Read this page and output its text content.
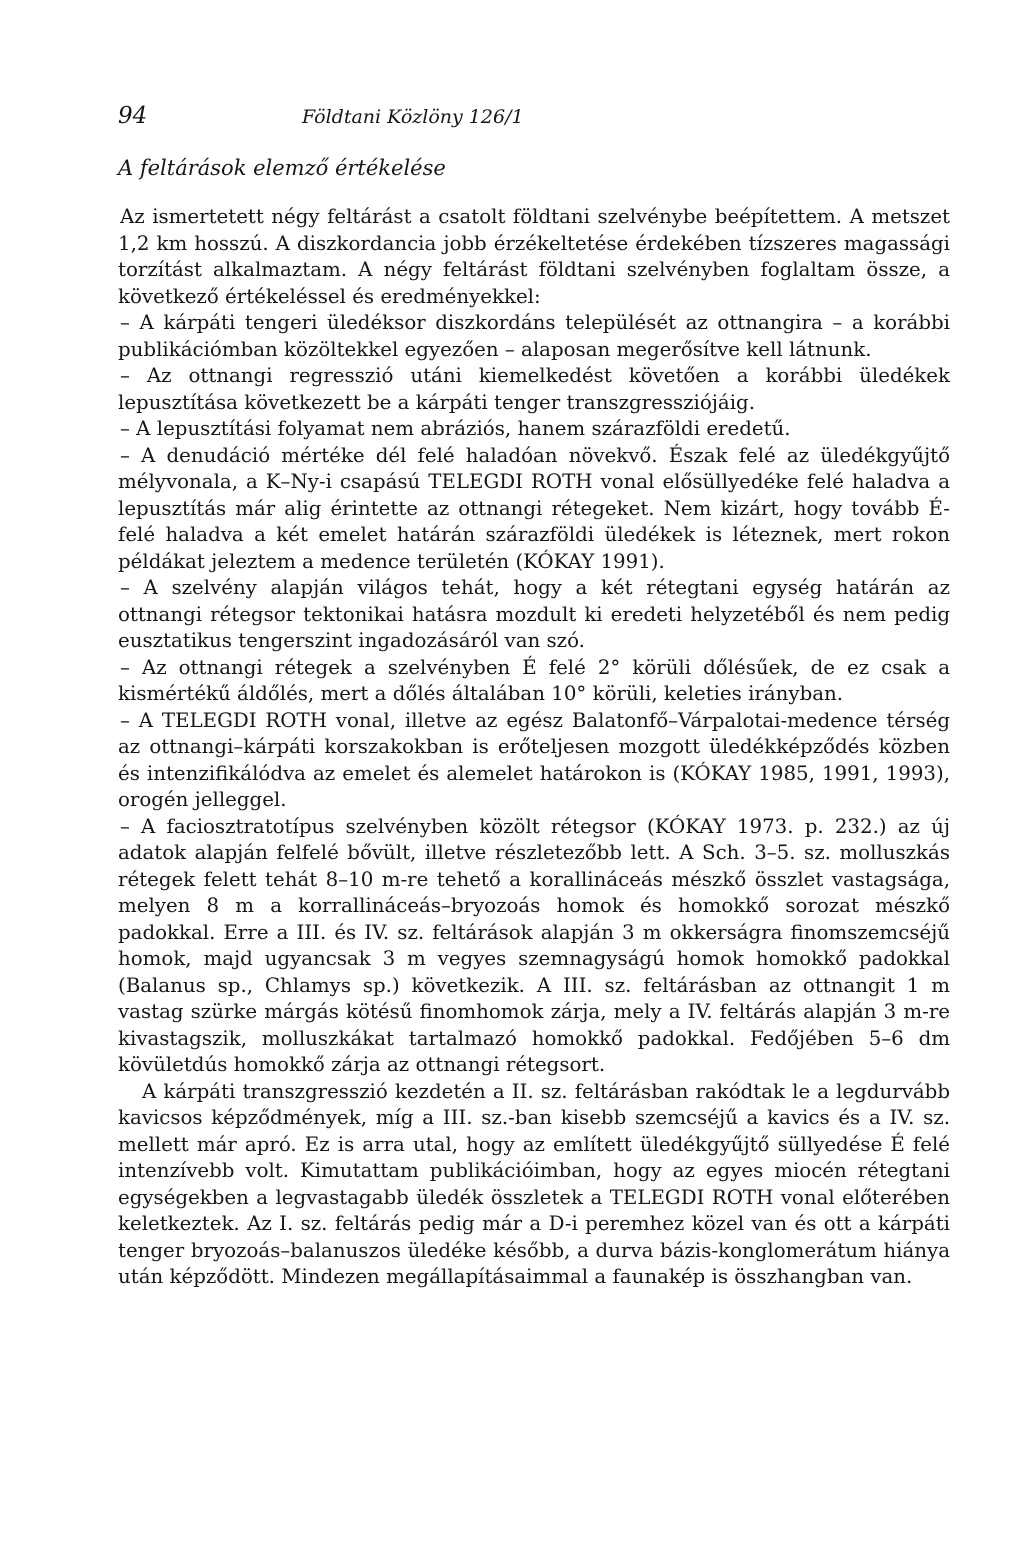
94	Földtani Közlöny 126/1
A feltárások elemző értékelése

Az ismertetett négy feltárást a csatolt földtani szelvénybe beépítettem. A metszet 1,2 km hosszú. A diszkordancia jobb érzékeltetése érdekében tízszeres magassági torzítást alkalmaztam. A négy feltárást földtani szelvényben foglaltam össze, a következő értékeléssel és eredményekkel:

– A kárpáti tengeri üledéksor diszkordáns települését az ottnangira – a korábbi publikációmban közöltekkel egyezően – alaposan megerősítve kell látnunk.

– Az ottnangi regresszió utáni kiemelkedést követően a korábbi üledékek lepusztítása következett be a kárpáti tenger transzgressziójáig.

– A lepusztítási folyamat nem abráziós, hanem szárazföldi eredetű.

– A denudáció mértéke dél felé haladóan növekvő. Észak felé az üledékgyűjtő mélyvonala, a K–Ny-i csapású TELEGDI ROTH vonal elősüllyedéke felé haladva a lepusztítás már alig érintette az ottnangi rétegeket. Nem kizárt, hogy tovább É-felé haladva a két emelet határán szárazföldi üledékek is léteznek, mert rokon példákat jeleztem a medence területén (KÓKAY 1991).

– A szelvény alapján világos tehát, hogy a két rétegtani egység határán az ottnangi rétegsor tektonikai hatásra mozdult ki eredeti helyzetéből és nem pedig eusztatikus tengerszint ingadozásáról van szó.

– Az ottnangi rétegek a szelvényben É felé 2° körüli dőlésűek, de ez csak a kismértékű áldőlés, mert a dőlés általában 10° körüli, keleties irányban.

– A TELEGDI ROTH vonal, illetve az egész Balatonfő–Várpalotai-medence térség az ottnangi–kárpáti korszakokban is erőteljesen mozgott üledékképződés közben és intenzifikálódva az emelet és alemelet határokon is (KÓKAY 1985, 1991, 1993), orogén jelleggel.

– A faciosztratotípus szelvényben közölt rétegsor (KÓKAY 1973. p. 232.) az új adatok alapján felfelé bővült, illetve részletezőbb lett. A Sch. 3–5. sz. molluszkás rétegek felett tehát 8–10 m-re tehető a korallináceás mészkő összlet vastagsága, melyen 8 m a korrallináceás–bryozoás homok és homokkő sorozat mészkő padokkal. Erre a III. és IV. sz. feltárások alapján 3 m okkerságra finomszemcséjű homok, majd ugyancsak 3 m vegyes szemnagyságú homok homokkő padokkal (Balanus sp., Chlamys sp.) következik. A III. sz. feltárásban az ottnangit 1 m vastag szürke márgás kötésű finomhomok zárja, mely a IV. feltárás alapján 3 m-re kivastagszik, molluszkákat tartalmazó homokkő padokkal. Fedőjében 5–6 dm kövületdús homokkő zárja az ottnangi rétegsort.

A kárpáti transzgresszió kezdetén a II. sz. feltárásban rakódtak le a legdurvább kavicsos képződmények, míg a III. sz.-ban kisebb szemcséjű a kavics és a IV. sz. mellett már apró. Ez is arra utal, hogy az említett üledékgyűjtő süllyedése É felé intenzívebb volt. Kimutattam publikációimban, hogy az egyes miocén rétegtani egységekben a legvastagabb üledék összletek a TELEGDI ROTH vonal előterében keletkeztek. Az I. sz. feltárás pedig már a D-i peremhez közel van és ott a kárpáti tenger bryozoás–balanuszos üledéke később, a durva bázis-konglomerátum hiánya után képződött. Mindezen megállapításaimmal a faunakép is összhangban van.
